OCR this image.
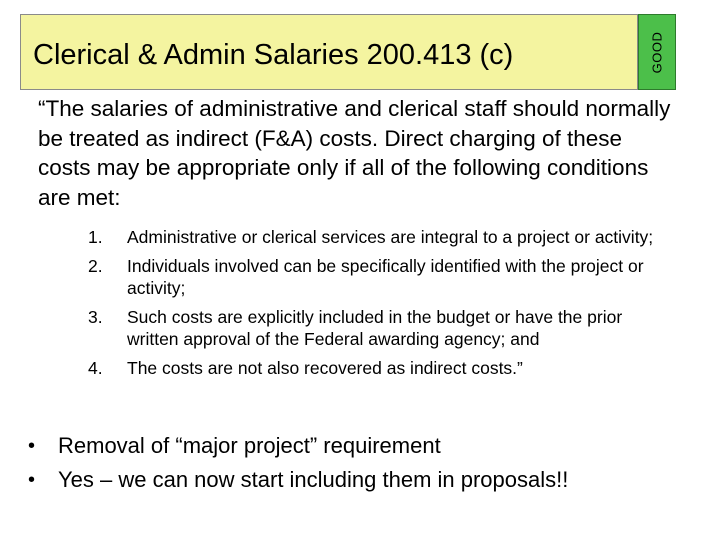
Clerical & Admin Salaries 200.413 (c)	GOOD

“The salaries of administrative and clerical staff should normally be treated as indirect (F&A) costs. Direct charging of these costs may be appropriate only if all of the following conditions are met:

1. Administrative or clerical services are integral to a project or activity;
2. Individuals involved can be specifically identified with the project or activity;
3. Such costs are explicitly included in the budget or have the prior written approval of the Federal awarding agency; and
4. The costs are not also recovered as indirect costs.”
• Removal of “major project” requirement
• Yes – we can now start including them in proposals!!
